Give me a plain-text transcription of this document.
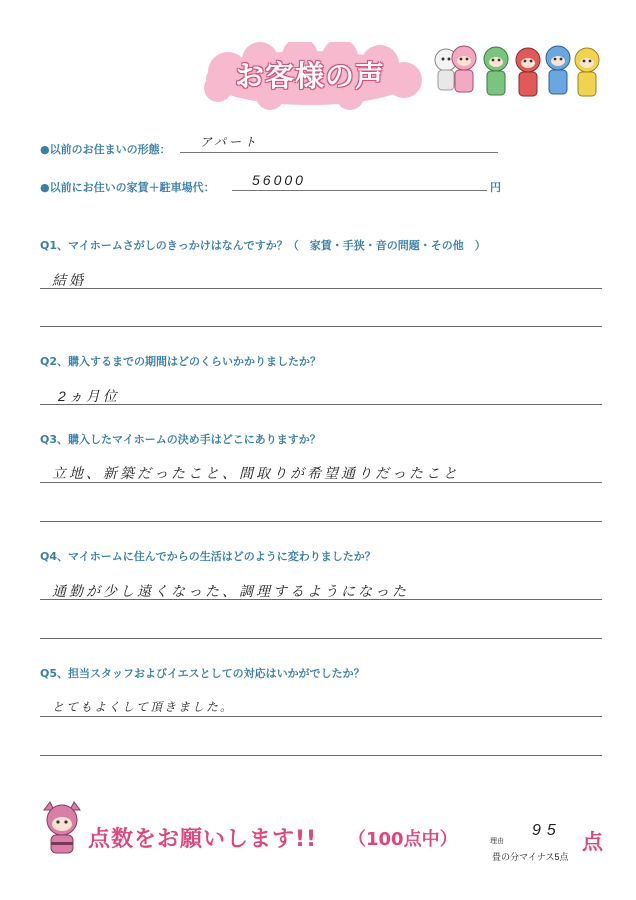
お客様の声
●以前のお住まいの形態：
アパート
●以前にお住いの家賃＋駐車場代：	56000	円
Q1、マイホームさがしのきっかけはなんですか？（　家賃・手狭・音の問題・その他　）
結婚
Q2、購入するまでの期間はどのくらいかかりましたか？
2ヵ月位
Q3、購入したマイホームの決め手はどこにありますか？
立地、新築だったこと、間取りが希望通りだったこと
Q4、マイホームに住んでからの生活はどのように変わりましたか？
通勤が少し遠くなった、調理するようになった
Q5、担当スタッフおよびイエスとしての対応はいかがでしたか？
とてもよくして頂きました。
点数をお願いします!! （100点中）	理由
95 点
畳の分マイナス5点
